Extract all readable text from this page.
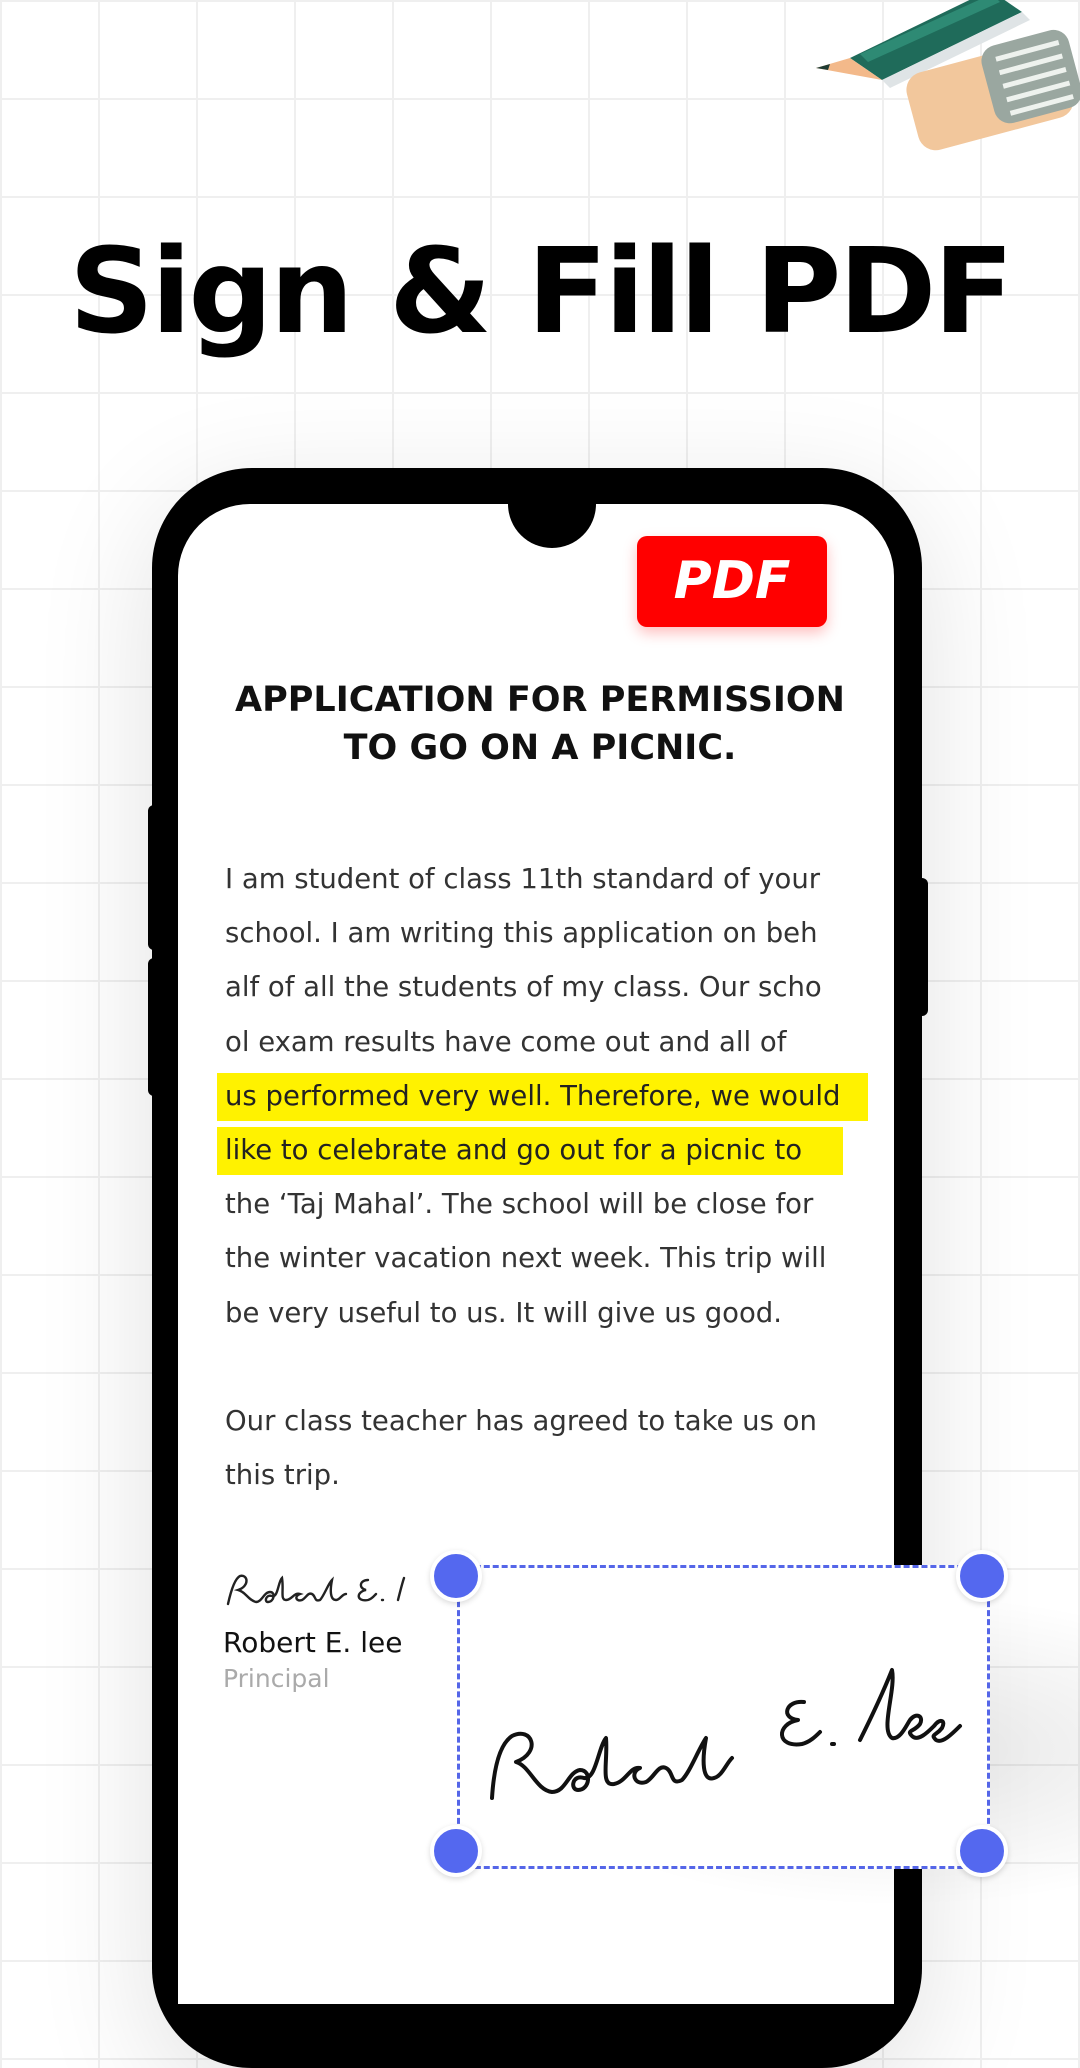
Sign & Fill PDF
PDF
APPLICATION FOR PERMISSION
TO GO ON A PICNIC.
I am student of class 11th standard of your
school. I am writing this application on beh
alf of all the students of my class. Our scho
ol exam results have come out and all of
us performed very well. Therefore, we would
like to celebrate and go out for a picnic to
the ‘Taj Mahal’. The school will be close for
the winter vacation next week. This trip will
be very useful to us. It will give us good.
Our class teacher has agreed to take us on
this trip.
Robert E. lee
Principal
